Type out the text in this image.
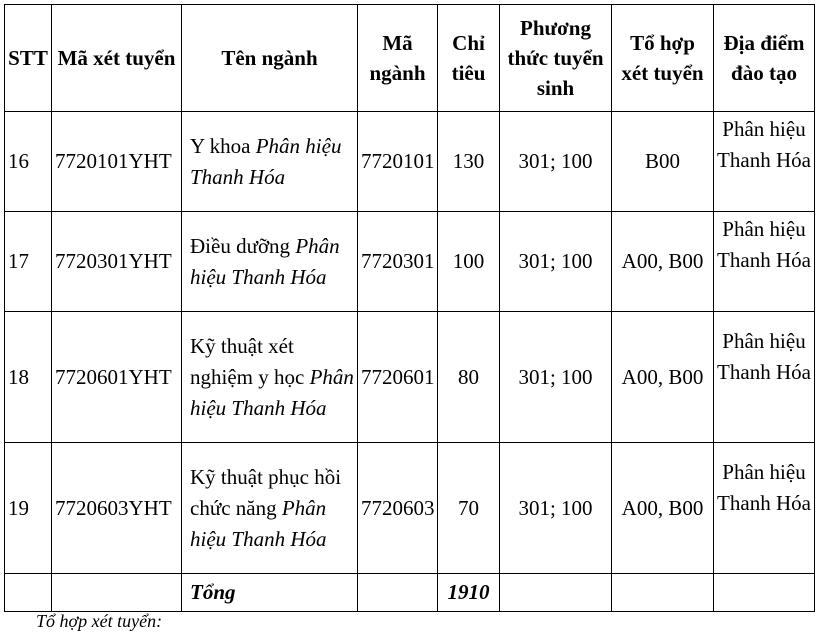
STT	Mã xét tuyển	Tên ngành	Mã ngành	Chỉ tiêu	Phương thức tuyển sinh	Tổ hợp xét tuyển	Địa điểm đào tạo
16	7720101YHT	Y khoa Phân hiệu Thanh Hóa	7720101	130	301; 100	B00	Phân hiệu Thanh Hóa
17	7720301YHT	Điều dưỡng Phân hiệu Thanh Hóa	7720301	100	301; 100	A00, B00	Phân hiệu Thanh Hóa
18	7720601YHT	Kỹ thuật xét nghiệm y học Phân hiệu Thanh Hóa	7720601	80	301; 100	A00, B00	Phân hiệu Thanh Hóa
19	7720603YHT	Kỹ thuật phục hồi chức năng Phân hiệu Thanh Hóa	7720603	70	301; 100	A00, B00	Phân hiệu Thanh Hóa
		Tổng		1910			
Tổ hợp xét tuyển:
